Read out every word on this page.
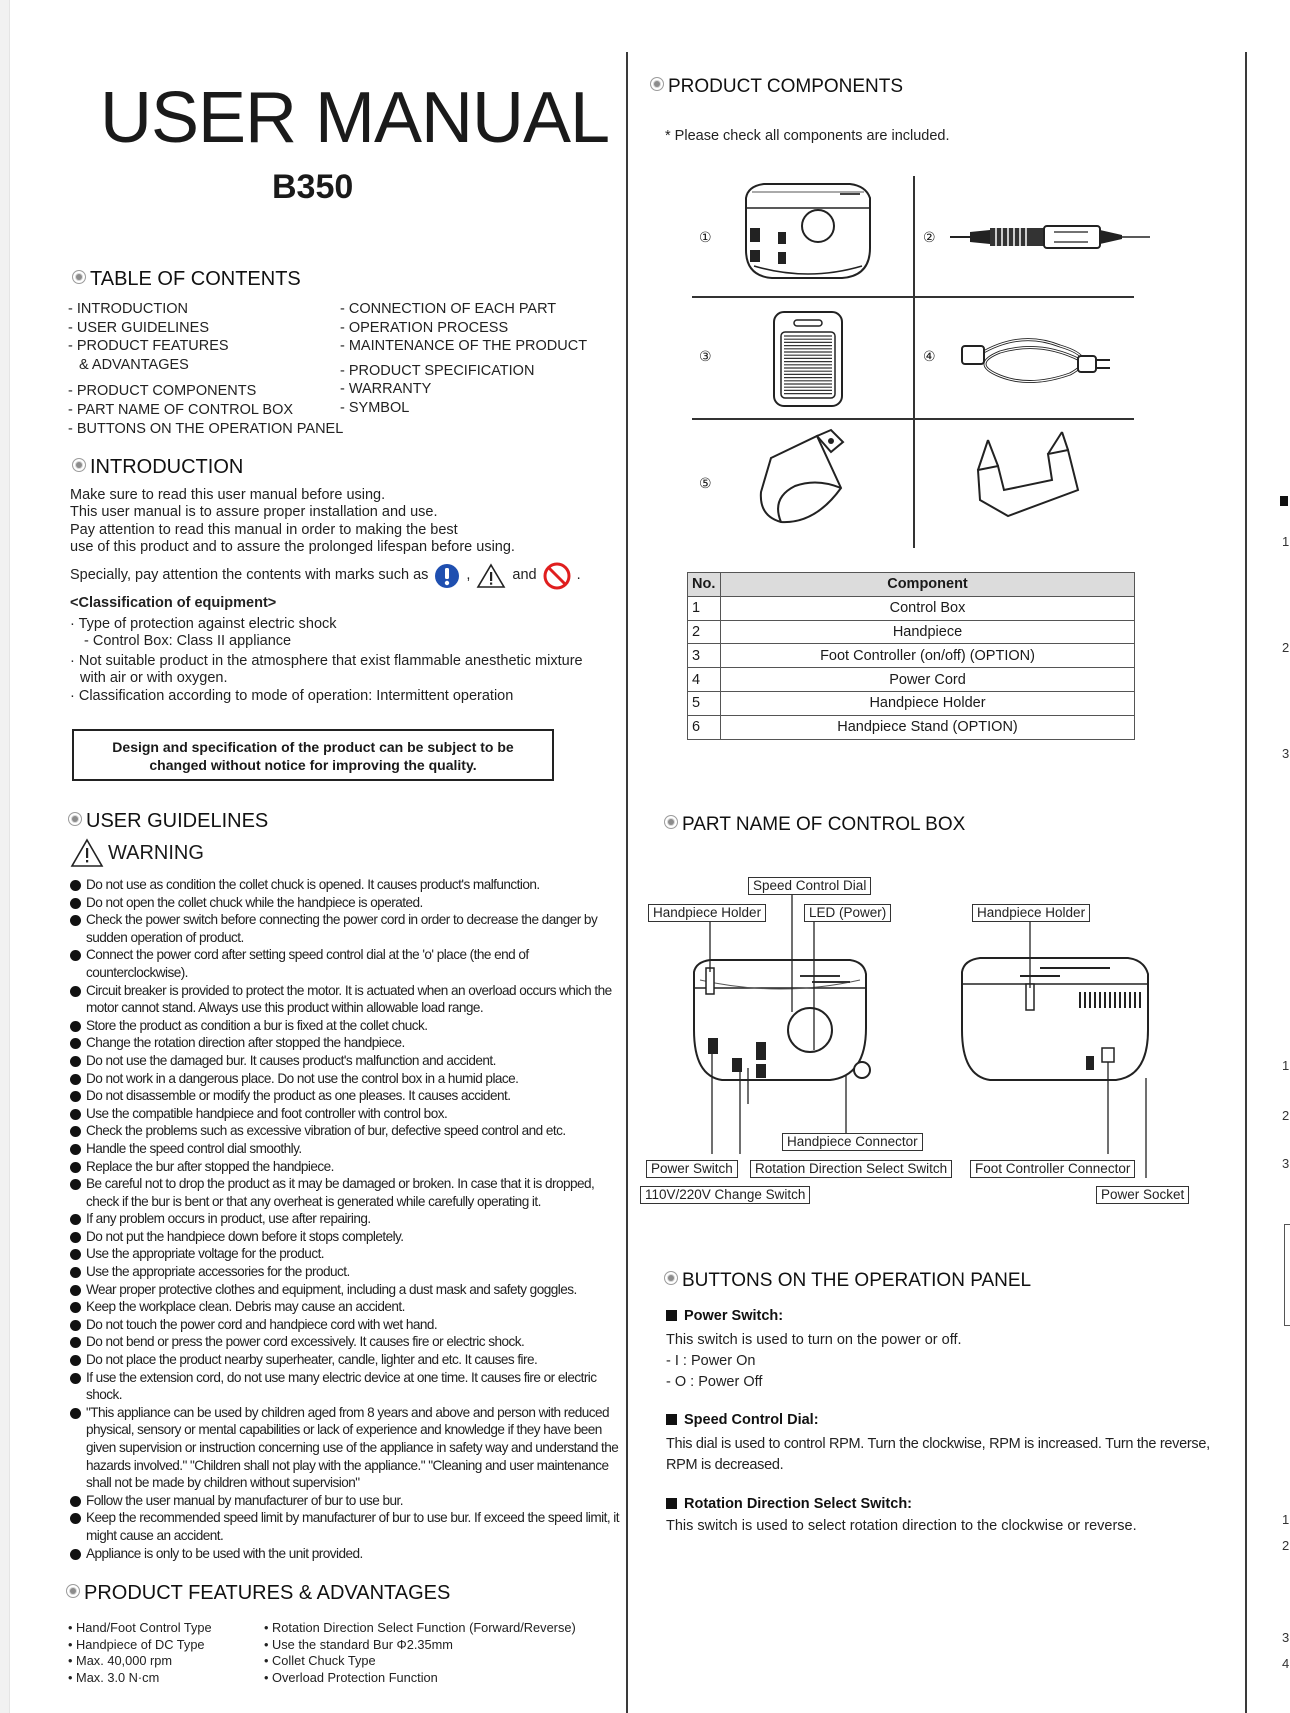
USER MANUAL
B350
TABLE OF CONTENTS
- INTRODUCTION
- USER GUIDELINES
- PRODUCT FEATURES
& ADVANTAGES
- PRODUCT COMPONENTS
- PART NAME OF CONTROL BOX
- BUTTONS ON THE OPERATION PANEL
- CONNECTION OF EACH PART
- OPERATION PROCESS
- MAINTENANCE OF THE PRODUCT
- PRODUCT SPECIFICATION
- WARRANTY
- SYMBOL
INTRODUCTION
Make sure to read this user manual before using.
This user manual is to assure proper installation and use.
Pay attention to read this manual in order to making the best
use of this product and to assure the prolonged lifespan before using.
Specially, pay attention the contents with marks such as	,	and	.
<Classification of equipment>
· Type of protection against electric shock
- Control Box: Class II appliance
· Not suitable product in the atmosphere that exist flammable anesthetic mixture
with air or with oxygen.
· Classification according to mode of operation: Intermittent operation
Design and specification of the product can be subject to be
changed without notice for improving the quality.
USER GUIDELINES
WARNING
Do not use as condition the collet chuck is opened. It causes product's malfunction.
Do not open the collet chuck while the handpiece is operated.
Check the power switch before connecting the power cord in order to decrease the danger by sudden operation of product.
Connect the power cord after setting speed control dial at the 'o' place (the end of counterclockwise).
Circuit breaker is provided to protect the motor. It is actuated when an overload occurs which the motor cannot stand. Always use this product within allowable load range.
Store the product as condition a bur is fixed at the collet chuck.
Change the rotation direction after stopped the handpiece.
Do not use the damaged bur. It causes product's malfunction and accident.
Do not work in a dangerous place. Do not use the control box in a humid place.
Do not disassemble or modify the product as one pleases. It causes accident.
Use the compatible handpiece and foot controller with control box.
Check the problems such as excessive vibration of bur, defective speed control and etc.
Handle the speed control dial smoothly.
Replace the bur after stopped the handpiece.
Be careful not to drop the product as it may be damaged or broken. In case that it is dropped, check if the bur is bent or that any overheat is generated while carefully operating it.
If any problem occurs in product, use after repairing.
Do not put the handpiece down before it stops completely.
Use the appropriate voltage for the product.
Use the appropriate accessories for the product.
Wear proper protective clothes and equipment, including a dust mask and safety goggles.
Keep the workplace clean. Debris may cause an accident.
Do not touch the power cord and handpiece cord with wet hand.
Do not bend or press the power cord excessively. It causes fire or electric shock.
Do not place the product nearby superheater, candle, lighter and etc. It causes fire.
If use the extension cord, do not use many electric device at one time. It causes fire or electric shock.
"This appliance can be used by children aged from 8 years and above and person with reduced physical, sensory or mental capabilities or lack of experience and knowledge if they have been given supervision or instruction concerning use of the appliance in safety way and understand the hazards involved." "Children shall not play with the appliance." "Cleaning and user maintenance shall not be made by children without supervision"
Follow the user manual by manufacturer of bur to use bur.
Keep the recommended speed limit by manufacturer of bur to use bur. If exceed the speed limit, it might cause an accident.
Appliance is only to be used with the unit provided.
PRODUCT FEATURES & ADVANTAGES
• Hand/Foot Control Type
• Handpiece of DC Type
• Max. 40,000 rpm
• Max. 3.0 N·cm
• Rotation Direction Select Function (Forward/Reverse)
• Use the standard Bur Φ2.35mm
• Collet Chuck Type
• Overload Protection Function
PRODUCT COMPONENTS
* Please check all components are included.
①	②
③	④
⑤
No.	Component
1	Control Box
2	Handpiece
3	Foot Controller (on/off) (OPTION)
4	Power Cord
5	Handpiece Holder
6	Handpiece Stand (OPTION)
PART NAME OF CONTROL BOX
Speed Control Dial
Handpiece Holder	LED (Power)	Handpiece Holder
Handpiece Connector
Power Switch	Rotation Direction Select Switch	Foot Controller Connector
110V/220V Change Switch	Power Socket
BUTTONS ON THE OPERATION PANEL
Power Switch:
This switch is used to turn on the power or off.
- I : Power On
- O : Power Off
Speed Control Dial:
This dial is used to control RPM. Turn the clockwise, RPM is increased. Turn the reverse,
RPM is decreased.
Rotation Direction Select Switch:
This switch is used to select rotation direction to the clockwise or reverse.
1
2
3
1
2
3
1
2
3
4
